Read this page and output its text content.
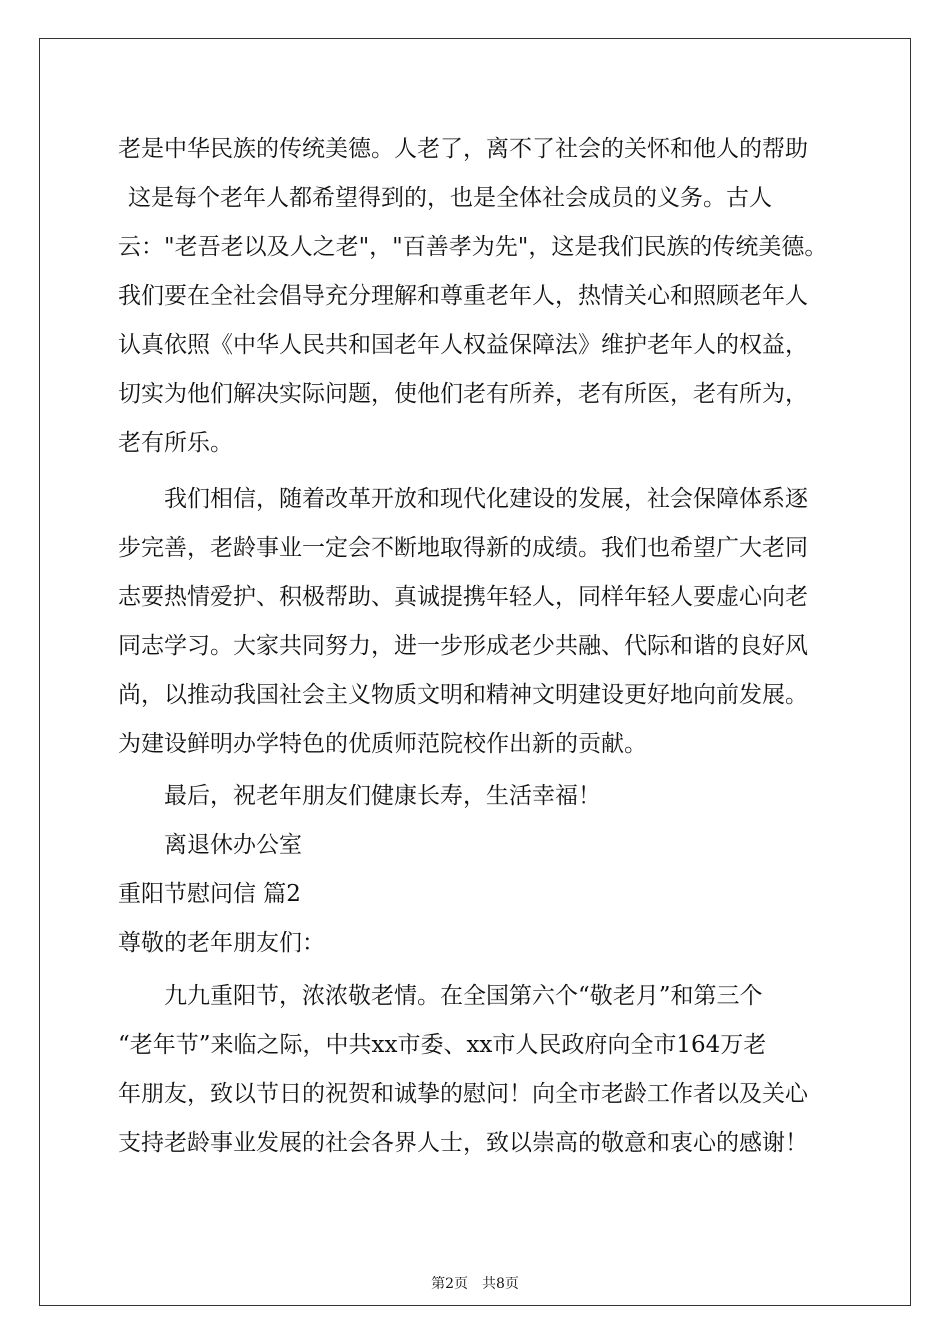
老是中华民族的传统美德。人老了，离不了社会的关怀和他人的帮助
这是每个老年人都希望得到的，也是全体社会成员的义务。古人
云："老吾老以及人之老"，"百善孝为先"，这是我们民族的传统美德。
我们要在全社会倡导充分理解和尊重老年人，热情关心和照顾老年人
认真依照《中华人民共和国老年人权益保障法》维护老年人的权益，
切实为他们解决实际问题，使他们老有所养，老有所医，老有所为，
老有所乐。
我们相信，随着改革开放和现代化建设的发展，社会保障体系逐
步完善，老龄事业一定会不断地取得新的成绩。我们也希望广大老同
志要热情爱护、积极帮助、真诚提携年轻人，同样年轻人要虚心向老
同志学习。大家共同努力，进一步形成老少共融、代际和谐的良好风
尚，以推动我国社会主义物质文明和精神文明建设更好地向前发展。
为建设鲜明办学特色的优质师范院校作出新的贡献。
最后，祝老年朋友们健康长寿，生活幸福！
离退休办公室
重阳节慰问信 篇2
尊敬的老年朋友们：
九九重阳节，浓浓敬老情。在全国第六个“敬老月”和第三个
“老年节”来临之际，中共xx市委、xx市人民政府向全市164万老
年朋友，致以节日的祝贺和诚挚的慰问！向全市老龄工作者以及关心
支持老龄事业发展的社会各界人士，致以崇高的敬意和衷心的感谢！
第2页 共8页
